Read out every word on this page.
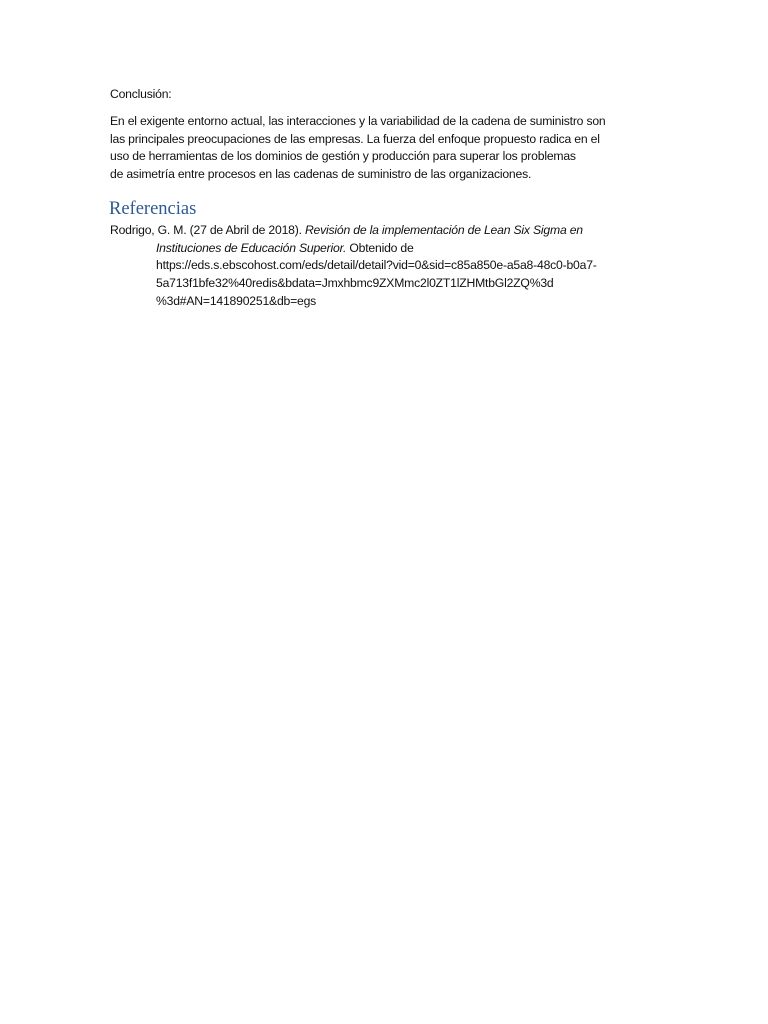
Conclusión:
En el exigente entorno actual, las interacciones y la variabilidad de la cadena de suministro son
las principales preocupaciones de las empresas. La fuerza del enfoque propuesto radica en el
uso de herramientas de los dominios de gestión y producción para superar los problemas
de asimetría entre procesos en las cadenas de suministro de las organizaciones.
Referencias
Rodrigo, G. M. (27 de Abril de 2018). Revisión de la implementación de Lean Six Sigma en
Instituciones de Educación Superior. Obtenido de
https://eds.s.ebscohost.com/eds/detail/detail?vid=0&sid=c85a850e-a5a8-48c0-b0a7-
5a713f1bfe32%40redis&bdata=Jmxhbmc9ZXMmc2l0ZT1lZHMtbGl2ZQ%3d
%3d#AN=141890251&db=egs
